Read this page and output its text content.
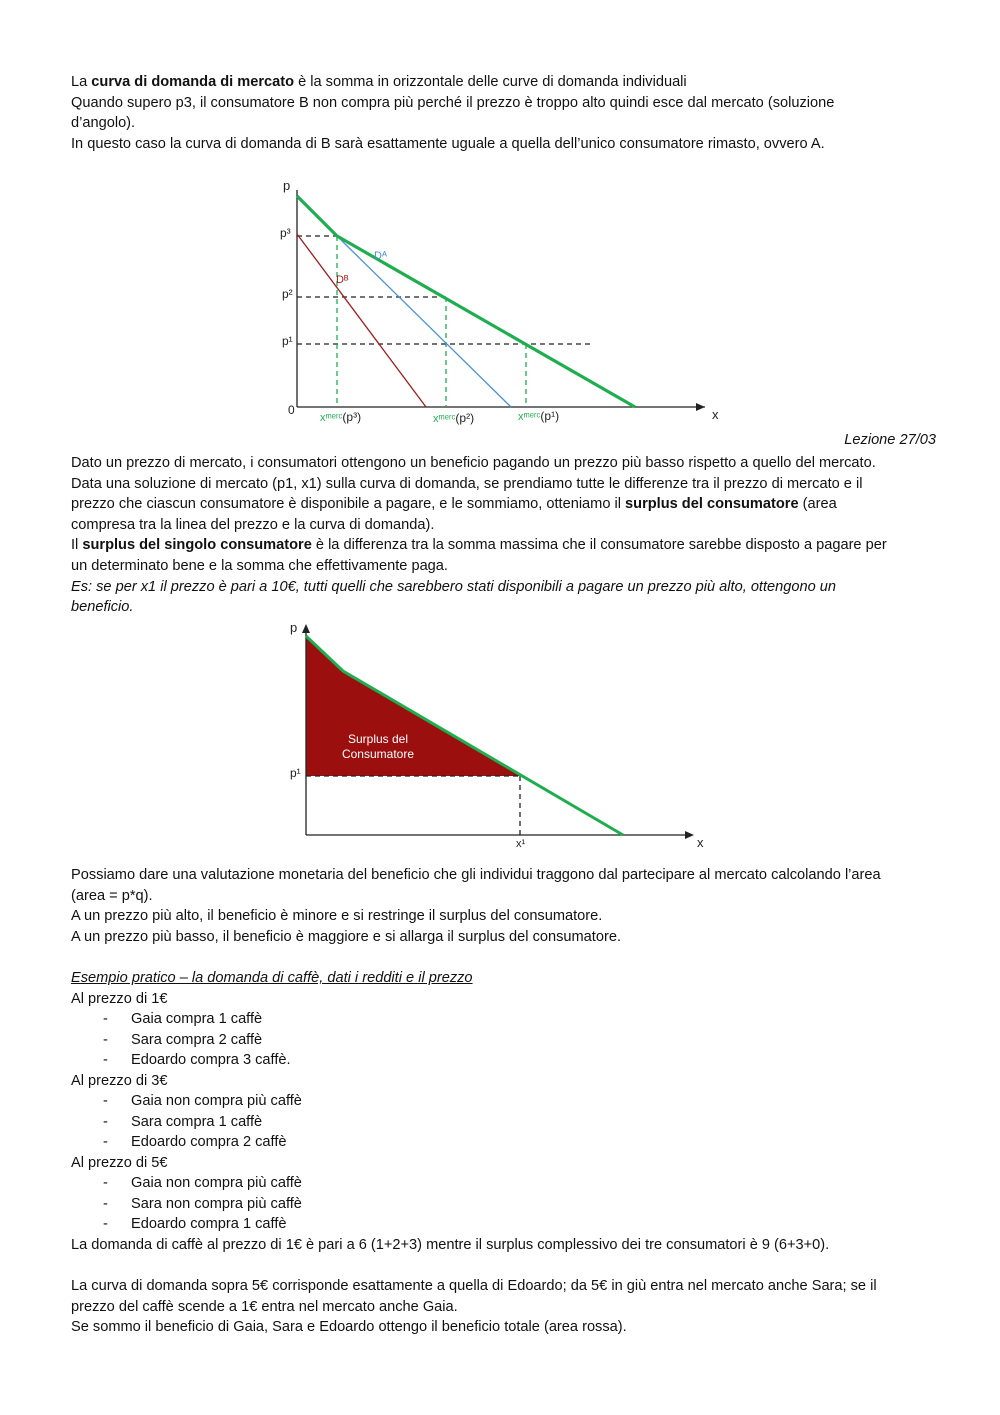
La curva di domanda di mercato è la somma in orizzontale delle curve di domanda individuali
Quando supero p3, il consumatore B non compra più perché il prezzo è troppo alto quindi esce dal mercato (soluzione
d’angolo).
In questo caso la curva di domanda di B sarà esattamente uguale a quella dell’unico consumatore rimasto, ovvero A.

p
x
0
p³
p²
p¹
Dᴬ
Dᴮ
xᵐᵉʳᶜ(p³)	xᵐᵉʳᶜ(p²)	xᵐᵉʳᶜ(p¹)
Lezione 27/03

Dato un prezzo di mercato, i consumatori ottengono un beneficio pagando un prezzo più basso rispetto a quello del mercato.
Data una soluzione di mercato (p1, x1) sulla curva di domanda, se prendiamo tutte le differenze tra il prezzo di mercato e il
prezzo che ciascun consumatore è disponibile a pagare, e le sommiamo, otteniamo il surplus del consumatore (area
compresa tra la linea del prezzo e la curva di domanda).
Il surplus del singolo consumatore è la differenza tra la somma massima che il consumatore sarebbe disposto a pagare per
un determinato bene e la somma che effettivamente paga.
Es: se per x1 il prezzo è pari a 10€, tutti quelli che sarebbero stati disponibili a pagare un prezzo più alto, ottengono un
beneficio.

p
x
p¹
x¹
Surplus del
Consumatore

Possiamo dare una valutazione monetaria del beneficio che gli individui traggono dal partecipare al mercato calcolando l’area
(area = p*q).
A un prezzo più alto, il beneficio è minore e si restringe il surplus del consumatore.
A un prezzo più basso, il beneficio è maggiore e si allarga il surplus del consumatore.

Esempio pratico – la domanda di caffè, dati i redditi e il prezzo
Al prezzo di 1€
- Gaia compra 1 caffè
- Sara compra 2 caffè
- Edoardo compra 3 caffè.
Al prezzo di 3€
- Gaia non compra più caffè
- Sara compra 1 caffè
- Edoardo compra 2 caffè
Al prezzo di 5€
- Gaia non compra più caffè
- Sara non compra più caffè
- Edoardo compra 1 caffè
La domanda di caffè al prezzo di 1€ è pari a 6 (1+2+3) mentre il surplus complessivo dei tre consumatori è 9 (6+3+0).

La curva di domanda sopra 5€ corrisponde esattamente a quella di Edoardo; da 5€ in giù entra nel mercato anche Sara; se il
prezzo del caffè scende a 1€ entra nel mercato anche Gaia.
Se sommo il beneficio di Gaia, Sara e Edoardo ottengo il beneficio totale (area rossa).
